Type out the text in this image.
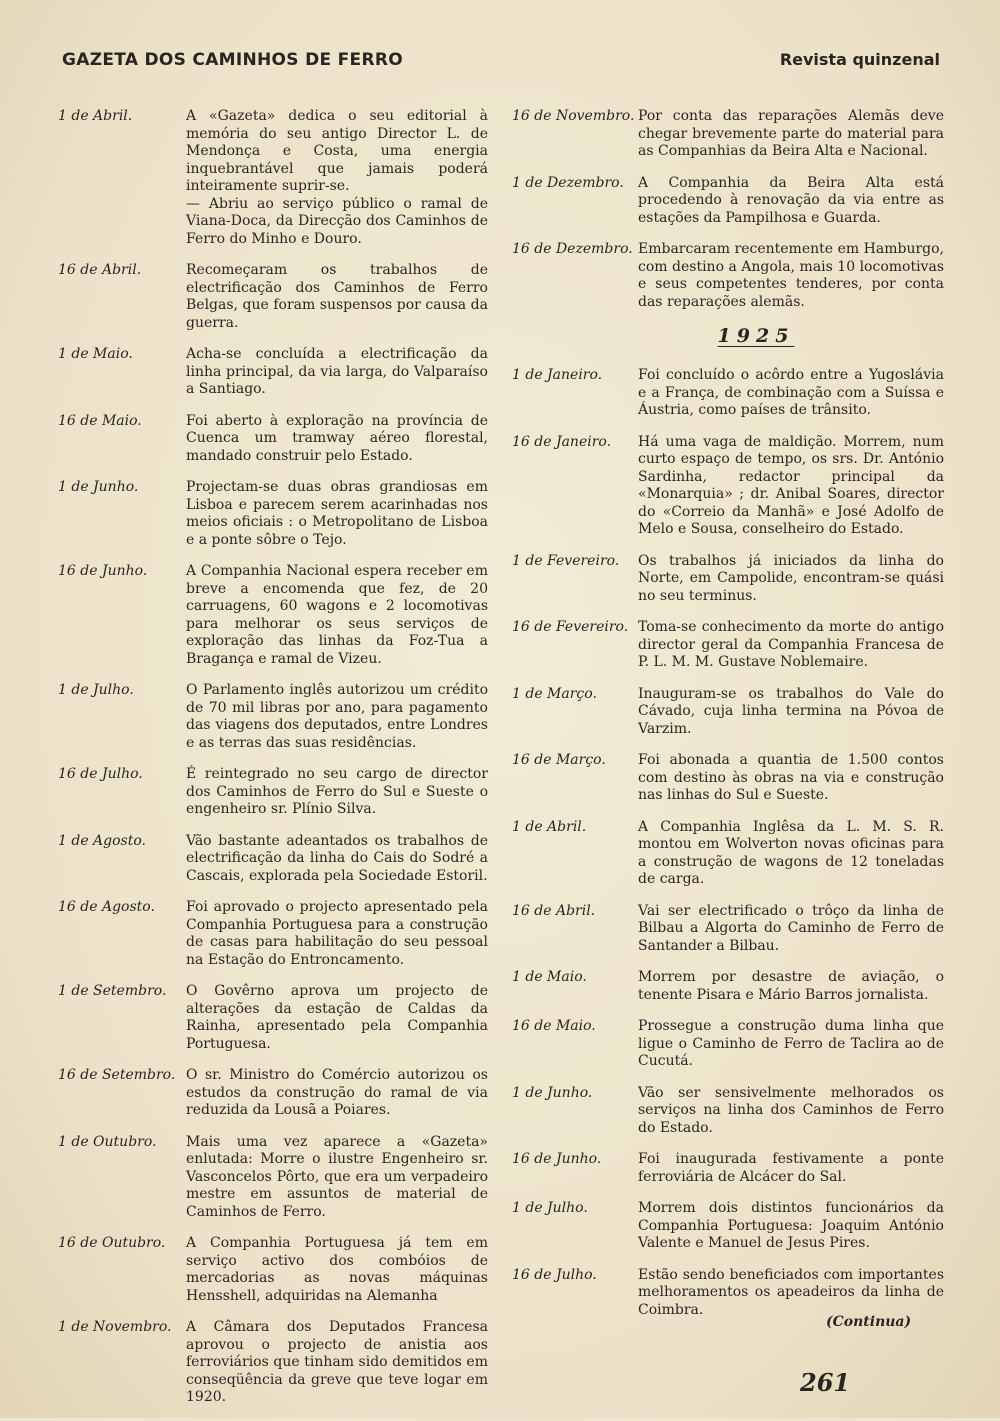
GAZETA DOS CAMINHOS DE FERRO	Revista quinzenal
1 de Abril.	A «Gazeta» dedica o seu editorial à memória do seu antigo Director L. de Mendonça e Costa, uma energia inquebrantável que jamais poderá inteiramente suprir-se.
— Abriu ao serviço público o ramal de Viana-Doca, da Direcção dos Caminhos de Ferro do Minho e Douro.
16 de Abril.	Recomeçaram os trabalhos de electrificação dos Caminhos de Ferro Belgas, que foram suspensos por causa da guerra.
1 de Maio.	Acha-se concluída a electrificação da linha principal, da via larga, do Valparaíso a Santiago.
16 de Maio.	Foi aberto à exploração na província de Cuenca um tramway aéreo florestal, mandado construir pelo Estado.
1 de Junho.	Projectam-se duas obras grandiosas em Lisboa e parecem serem acarinhadas nos meios oficiais : o Metropolitano de Lisboa e a ponte sôbre o Tejo.
16 de Junho.	A Companhia Nacional espera receber em breve a encomenda que fez, de 20 carruagens, 60 wagons e 2 locomotivas para melhorar os seus serviços de exploração das linhas da Foz-Tua a Bragança e ramal de Vizeu.
1 de Julho.	O Parlamento inglês autorizou um crédito de 70 mil libras por ano, para pagamento das viagens dos deputados, entre Londres e as terras das suas residências.
16 de Julho.	É reintegrado no seu cargo de director dos Caminhos de Ferro do Sul e Sueste o engenheiro sr. Plínio Silva.
1 de Agosto.	Vão bastante adeantados os trabalhos de electrificação da linha do Cais do Sodré a Cascais, explorada pela Sociedade Estoril.
16 de Agosto.	Foi aprovado o projecto apresentado pela Companhia Portuguesa para a construção de casas para habilitação do seu pessoal na Estação do Entroncamento.
1 de Setembro.	O Govêrno aprova um projecto de alterações da estação de Caldas da Rainha, apresentado pela Companhia Portuguesa.
16 de Setembro. O sr. Ministro do Comércio autorizou os estudos da construção do ramal de via reduzida da Lousã a Poiares.
1 de Outubro.	Mais uma vez aparece a «Gazeta» enlutada: Morre o ilustre Engenheiro sr. Vasconcelos Pôrto, que era um verpadeiro mestre em assuntos de material de Caminhos de Ferro.
16 de Outubro.	A Companhia Portuguesa já tem em serviço activo dos combóios de mercadorias as novas máquinas Hensshell, adquiridas na Alemanha
1 de Novembro.	A Câmara dos Deputados Francesa aprovou o projecto de anistia aos ferroviários que tinham sido demitidos em conseqüência da greve que teve logar em 1920.
16 de Novembro. Por conta das reparações Alemãs deve chegar brevemente parte do material para as Companhias da Beira Alta e Nacional.
1 de Dezembro.	A Companhia da Beira Alta está procedendo à renovação da via entre as estações da Pampilhosa e Guarda.
16 de Dezembro. Embarcaram recentemente em Hamburgo, com destino a Angola, mais 10 locomotivas e seus competentes tenderes, por conta das reparações alemãs.
1925
1 de Janeiro.	Foi concluído o acôrdo entre a Yugoslávia e a França, de combinação com a Suíssa e Áustria, como países de trânsito.
16 de Janeiro.	Há uma vaga de maldição. Morrem, num curto espaço de tempo, os srs. Dr. António Sardinha, redactor principal da «Monarquia» ; dr. Anibal Soares, director do «Correio da Manhã» e José Adolfo de Melo e Sousa, conselheiro do Estado.
1 de Fevereiro.	Os trabalhos já iniciados da linha do Norte, em Campolide, encontram-se quási no seu terminus.
16 de Fevereiro. Toma-se conhecimento da morte do antigo director geral da Companhia Francesa de P. L. M. M. Gustave Noblemaire.
1 de Março.	Inauguram-se os trabalhos do Vale do Cávado, cuja linha termina na Póvoa de Varzim.
16 de Março.	Foi abonada a quantia de 1.500 contos com destino às obras na via e construção nas linhas do Sul e Sueste.
1 de Abril.	A Companhia Inglêsa da L. M. S. R. montou em Wolverton novas oficinas para a construção de wagons de 12 toneladas de carga.
16 de Abril.	Vai ser electrificado o trôço da linha de Bilbau a Algorta do Caminho de Ferro de Santander a Bilbau.
1 de Maio.	Morrem por desastre de aviação, o tenente Pisara e Mário Barros jornalista.
16 de Maio.	Prossegue a construção duma linha que ligue o Caminho de Ferro de Taclira ao de Cucutá.
1 de Junho.	Vão ser sensivelmente melhorados os serviços na linha dos Caminhos de Ferro do Estado.
16 de Junho.	Foi inaugurada festivamente a ponte ferroviária de Alcácer do Sal.
1 de Julho.	Morrem dois distintos funcionários da Companhia Portuguesa: Joaquim António Valente e Manuel de Jesus Pires.
16 de Julho.	Estão sendo beneficiados com importantes melhoramentos os apeadeiros da linha de Coimbra.
(Continua)
261
